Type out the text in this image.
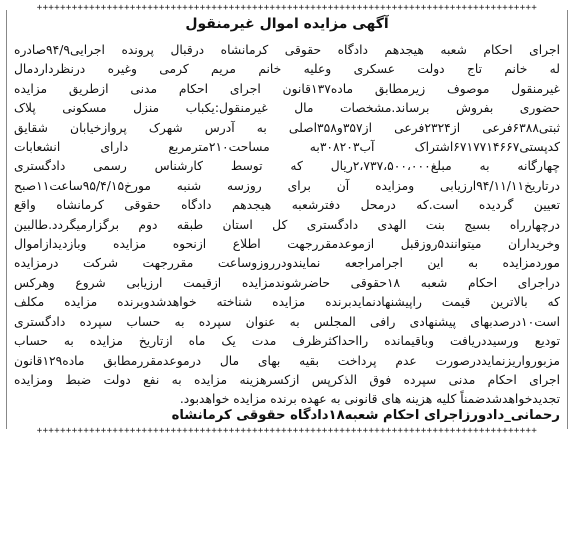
++++++++++++++++++++++++++++++++++++++++++++++++++++++++++++++++++++++++++++++++++++++
آگهی مزایده اموال غیرمنقول
اجرای احکام شعبه هیجدهم دادگاه حقوقی کرمانشاه درقبال پرونده اجرایی۹۴/۹صادره
له خانم تاج دولت عسکری وعلیه خانم مریم کرمی وغیره درنظرداردمال
غیرمنقول موصوف زیرمطابق ماده۱۳۷قانون اجرای احکام مدنی ازطریق مزایده
حضوری بفروش برساند.مشخصات مال غیرمنقول:یکباب منزل مسکونی پلاک
ثبتی۶۳۸۸فرعی از۲۳۲۴فرعی از۳۵۷و۳۵۸اصلی به آدرس شهرک پروازخیابان شقایق
کدپستی۶۷۱۷۷۱۴۶۶۷اشتراک آب۳۰۸۲۰۳به مساحت۲۱۰مترمربع دارای انشعابات
چهارگانه به مبلغ۲،۷۳۷،۵۰۰،۰۰۰ریال که توسط کارشناس رسمی دادگستری
درتاریخ۹۴/۱۱/۱۱ارزیابی ومزایده آن برای روزسه شنبه مورخ۹۵/۴/۱۵ساعت۱۱صبح
تعیین گردیده است.که درمحل دفترشعبه هیجدهم دادگاه حقوقی کرمانشاه واقع
درچهارراه بسیج بنت الهدی دادگستری کل استان طبقه دوم برگزارمیگردد.طالبین
وخریداران میتوانند۵روزقبل ازموعدمقررجهت اطلاع ازنحوه مزایده وبازدیدازاموال
موردمزایده به این اجرامراجعه نمایندودرروزوساعت مقررجهت شرکت درمزایده
دراجرای احکام شعبه ۱۸حقوقی حاضرشوندمزایده ازقیمت ارزیابی شروع وهرکس
که بالاترین قیمت راپیشنهادنمایدبرنده مزایده شناخته خواهدشدوبرنده مزایده مکلف
است۱۰درصدبهای پیشنهادی رافی المجلس به عنوان سپرده به حساب سپرده دادگستری
تودیع ورسیددریافت وباقیمانده رااحداکثرظرف مدت یک ماه ازتاریخ مزایده به حساب
مزبورواریزنمایددرصورت عدم پرداخت بقیه بهای مال درموعدمقررمطابق ماده۱۲۹قانون
اجرای احکام مدنی سپرده فوق الذکرپس ازکسرهزینه مزایده به نفع دولت ضبط ومزایده
تجدیدخواهدشدضمناً کلیه هزینه های قانونی به عهده برنده مزایده خواهدبود.
رحمانی_دادورزاجرای احکام شعبه۱۸دادگاه حقوقی کرمانشاه
++++++++++++++++++++++++++++++++++++++++++++++++++++++++++++++++++++++++++++++++++++++
